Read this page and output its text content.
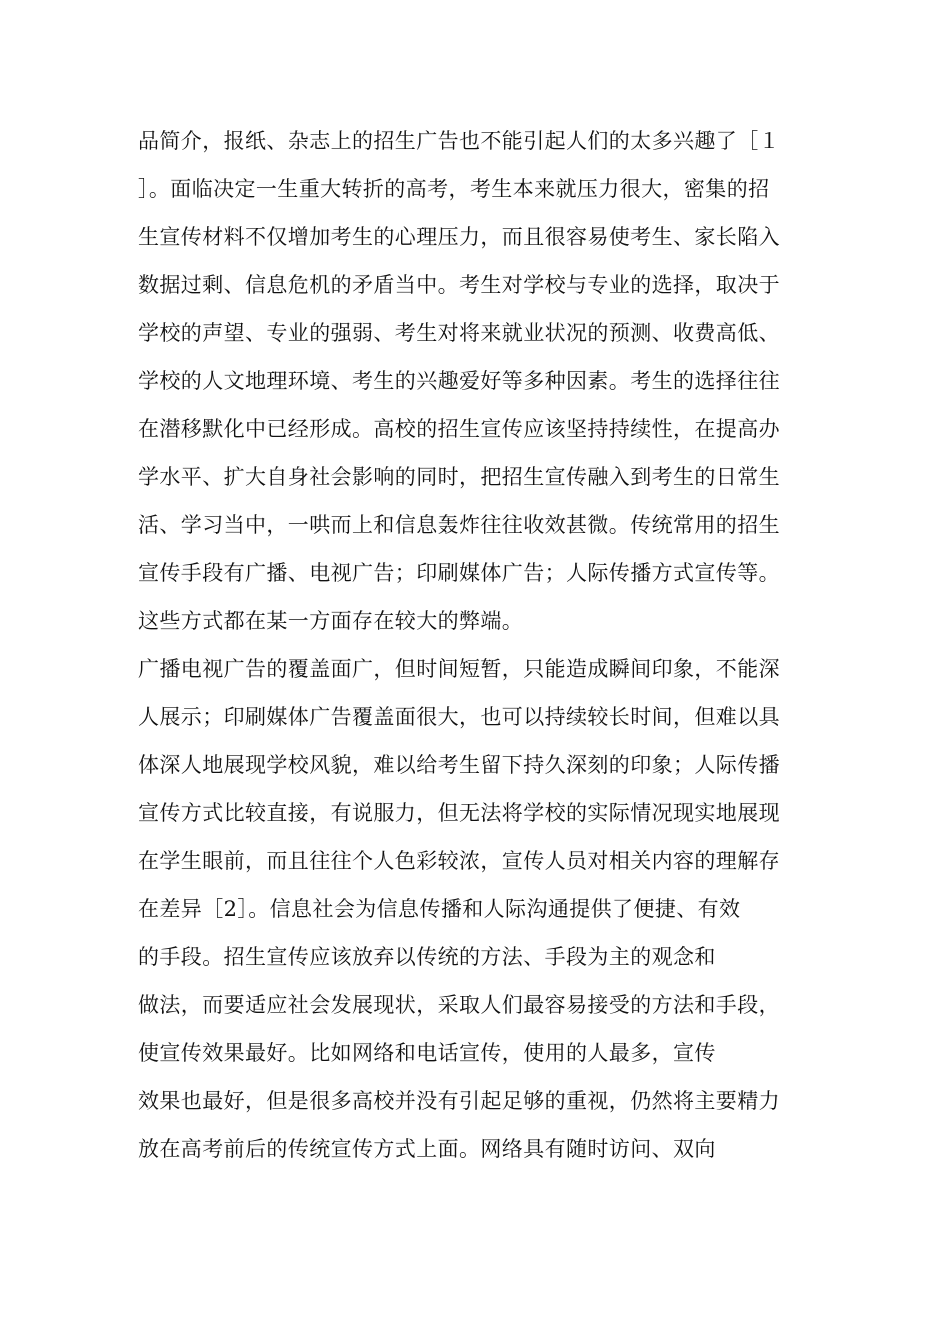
品简介，报纸、杂志上的招生广告也不能引起人们的太多兴趣了［１
］。面临决定一生重大转折的高考，考生本来就压力很大，密集的招
生宣传材料不仅增加考生的心理压力，而且很容易使考生、家长陷入
数据过剩、信息危机的矛盾当中。考生对学校与专业的选择，取决于
学校的声望、专业的强弱、考生对将来就业状况的预测、收费高低、
学校的人文地理环境、考生的兴趣爱好等多种因素。考生的选择往往
在潜移默化中已经形成。高校的招生宣传应该坚持持续性，在提高办
学水平、扩大自身社会影响的同时，把招生宣传融入到考生的日常生
活、学习当中，一哄而上和信息轰炸往往收效甚微。传统常用的招生
宣传手段有广播、电视广告；印刷媒体广告；人际传播方式宣传等。
这些方式都在某一方面存在较大的弊端。
广播电视广告的覆盖面广，但时间短暂，只能造成瞬间印象，不能深
人展示；印刷媒体广告覆盖面很大，也可以持续较长时间，但难以具
体深人地展现学校风貌，难以给考生留下持久深刻的印象；人际传播
宣传方式比较直接，有说服力，但无法将学校的实际情况现实地展现
在学生眼前，而且往往个人色彩较浓，宣传人员对相关内容的理解存
在差异［2］。信息社会为信息传播和人际沟通提供了便捷、有效
的手段。招生宣传应该放弃以传统的方法、手段为主的观念和
做法，而要适应社会发展现状，采取人们最容易接受的方法和手段，
使宣传效果最好。比如网络和电话宣传，使用的人最多，宣传
效果也最好，但是很多高校并没有引起足够的重视，仍然将主要精力
放在高考前后的传统宣传方式上面。网络具有随时访问、双向
